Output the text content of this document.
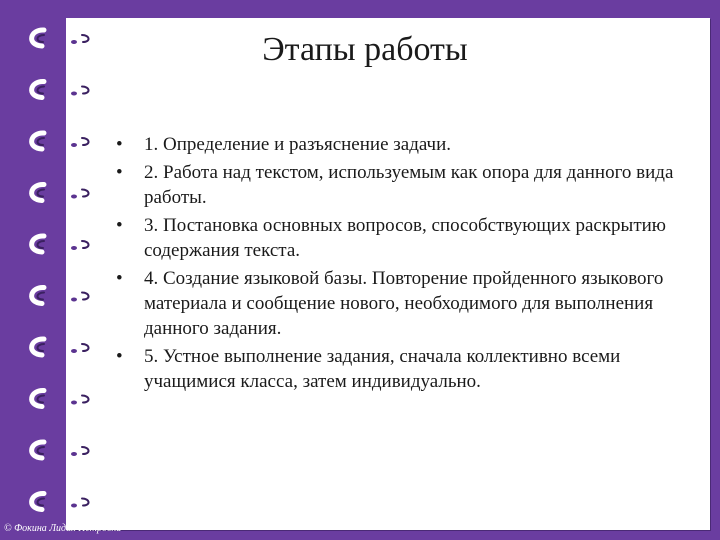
Этапы работы
• 1. Определение и разъяснение задачи.
• 2. Работа над текстом, используемым как опора для данного вида работы.
• 3. Постановка основных вопросов, способствующих раскрытию содержания текста.
• 4. Создание языковой базы. Повторение пройденного языкового материала и сообщение нового, необходимого для выполнения данного задания.
• 5. Устное выполнение задания, сначала коллективно всеми учащимися класса, затем индивидуально.
© Фокина Лидия Петровна
